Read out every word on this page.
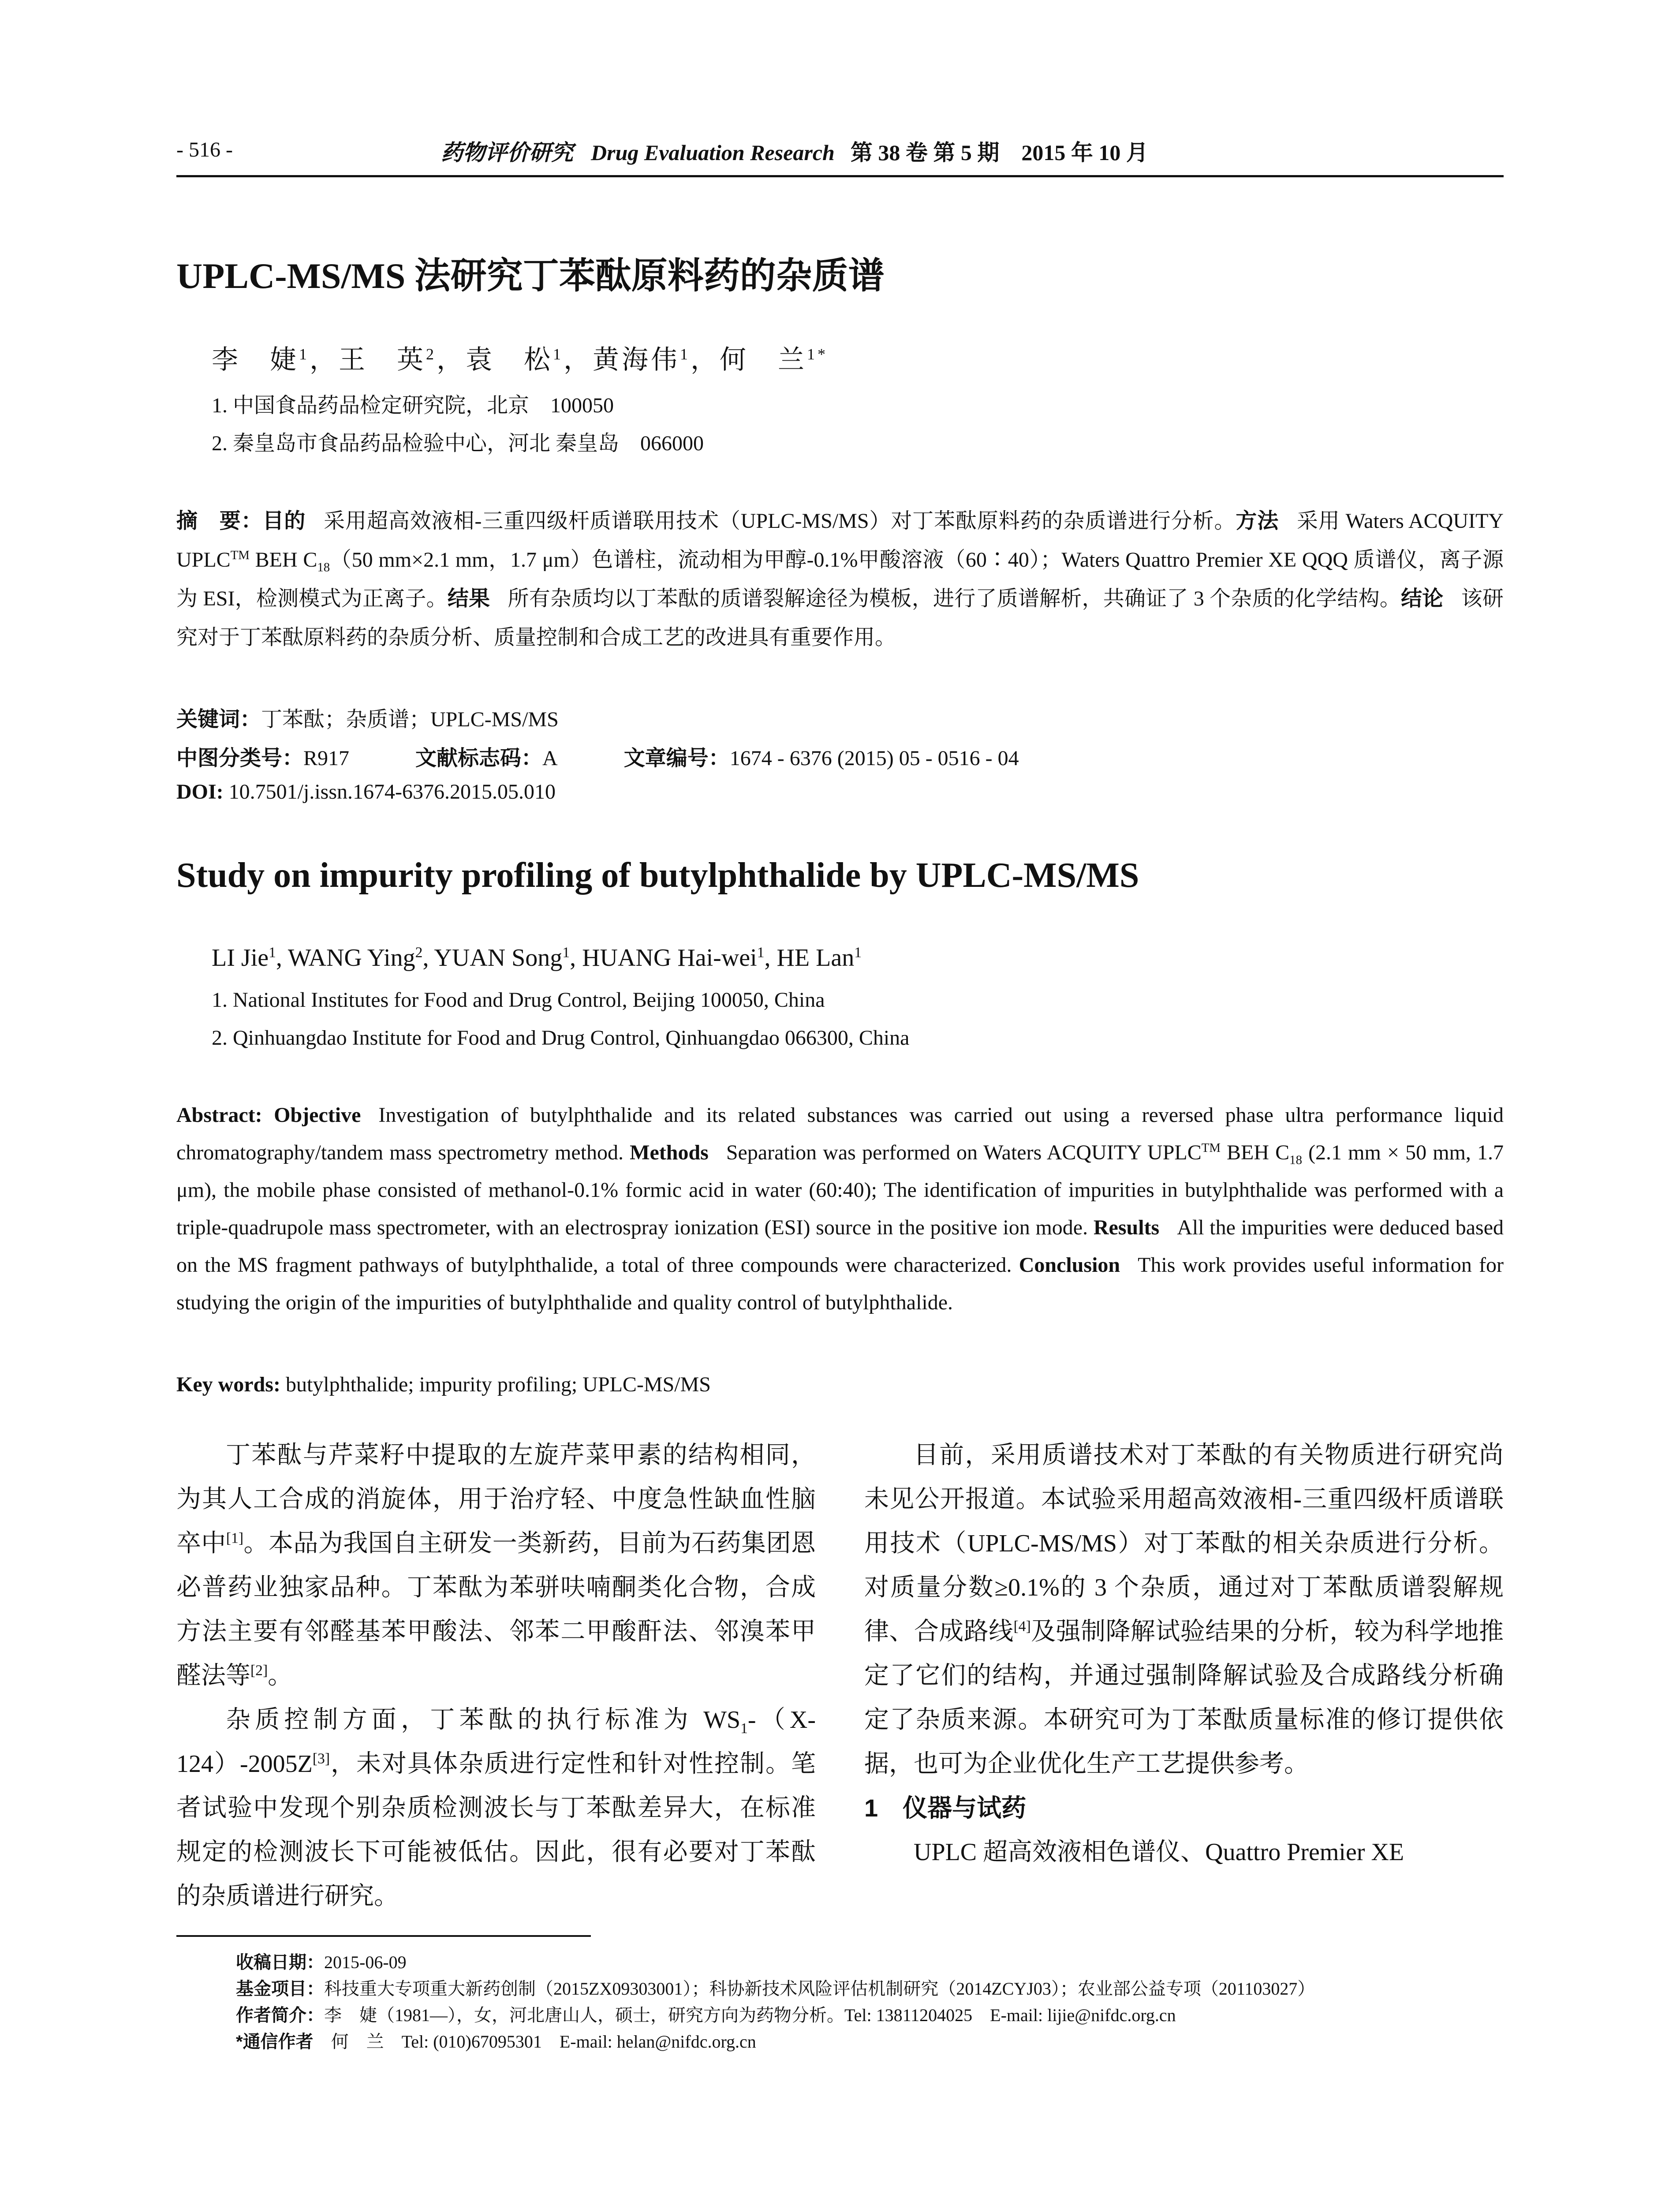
- 516 -	药物评价研究 Drug Evaluation Research 第 38 卷 第 5 期　2015 年 10 月
UPLC-MS/MS 法研究丁苯酞原料药的杂质谱
李　婕$^1$，王　英$^2$，袁　松$^1$，黄海伟$^1$，何　兰$^{1*}$
1. 中国食品药品检定研究院，北京　100050
2. 秦皇岛市食品药品检验中心，河北 秦皇岛　066000
摘　要：目的 采用超高效液相-三重四级杆质谱联用技术（UPLC-MS/MS）对丁苯酞原料药的杂质谱进行分析。方法 采用 Waters ACQUITY UPLC™ BEH $C_{18}(50$ mm×2.1 mm，1.7 μm）色谱柱，流动相为甲醇-0.1%甲酸溶液（60∶40）；Waters Quattro Premier XE QQQ 质谱仪，离子源为 ESI，检测模式为正离子。结果 所有杂质均以丁苯酞的质谱裂解途径为模板，进行了质谱解析，共确证了 3 个杂质的化学结构。结论 该研究对于丁苯酞原料药的杂质分析、质量控制和合成工艺的改进具有重要作用。
关键词：丁苯酞；杂质谱；UPLC-MS/MS
中图分类号：R917	文献标志码：A	文章编号：1674 - 6376 (2015) 05 - 0516 - 04
DOI: 10.7501/j.issn.1674-6376.2015.05.010
Study on impurity profiling of butylphthalide by UPLC-MS/MS
LI Jie$^1$, WANG Ying$^2$, YUAN Song$^1$, HUANG Hai-wei$^1$, HE Lan$^1$
1. National Institutes for Food and Drug Control, Beijing 100050, China
2. Qinhuangdao Institute for Food and Drug Control, Qinhuangdao 066300, China
Abstract: Objective Investigation of butylphthalide and its related substances was carried out using a reversed phase ultra performance liquid chromatography/tandem mass spectrometry method. Methods Separation was performed on Waters ACQUITY UPLC™ BEH $C_{18}$ (2.1 mm × 50 mm, 1.7 μm), the mobile phase consisted of methanol-0.1% formic acid in water (60:40); The identification of impurities in butylphthalide was performed with a triple-quadrupole mass spectrometer, with an electrospray ionization (ESI) source in the positive ion mode. Results All the impurities were deduced based on the MS fragment pathways of butylphthalide, a total of three compounds were characterized. Conclusion This work provides useful information for studying the origin of the impurities of butylphthalide and quality control of butylphthalide.
Key words: butylphthalide; impurity profiling; UPLC-MS/MS

丁苯酞与芹菜籽中提取的左旋芹菜甲素的结构相同，为其人工合成的消旋体，用于治疗轻、中度急性缺血性脑卒中[1]。本品为我国自主研发一类新药，目前为石药集团恩必普药业独家品种。丁苯酞为苯骈呋喃酮类化合物，合成方法主要有邻醛基苯甲酸法、邻苯二甲酸酐法、邻溴苯甲醛法等[2]。

杂质控制方面，丁苯酞的执行标准为 $WS_1-(X-124)-2005Z[3]$，未对具体杂质进行定性和针对性控制。笔者试验中发现个别杂质检测波长与丁苯酞差异大，在标准规定的检测波长下可能被低估。因此，很有必要对丁苯酞的杂质谱进行研究。

目前，采用质谱技术对丁苯酞的有关物质进行研究尚未见公开报道。本试验采用超高效液相-三重四级杆质谱联用技术（UPLC-MS/MS）对丁苯酞的相关杂质进行分析。对质量分数≥0.1%的 3 个杂质，通过对丁苯酞质谱裂解规律、合成路线[4]及强制降解试验结果的分析，较为科学地推定了它们的结构，并通过强制降解试验及合成路线分析确定了杂质来源。本研究可为丁苯酞质量标准的修订提供依据，也可为企业优化生产工艺提供参考。

1　仪器与试药

UPLC 超高效液相色谱仪、Quattro Premier XE

收稿日期：2015-06-09
基金项目：科技重大专项重大新药创制（2015ZX09303001）；科协新技术风险评估机制研究（2014ZCYJ03）；农业部公益专项（201103027）
作者简介：李　婕（1981—），女，河北唐山人，硕士，研究方向为药物分析。Tel: 13811204025　E-mail: lijie@nifdc.org.cn
*通信作者　 何　兰　Tel: (010)67095301　E-mail: helan@nifdc.org.cn
